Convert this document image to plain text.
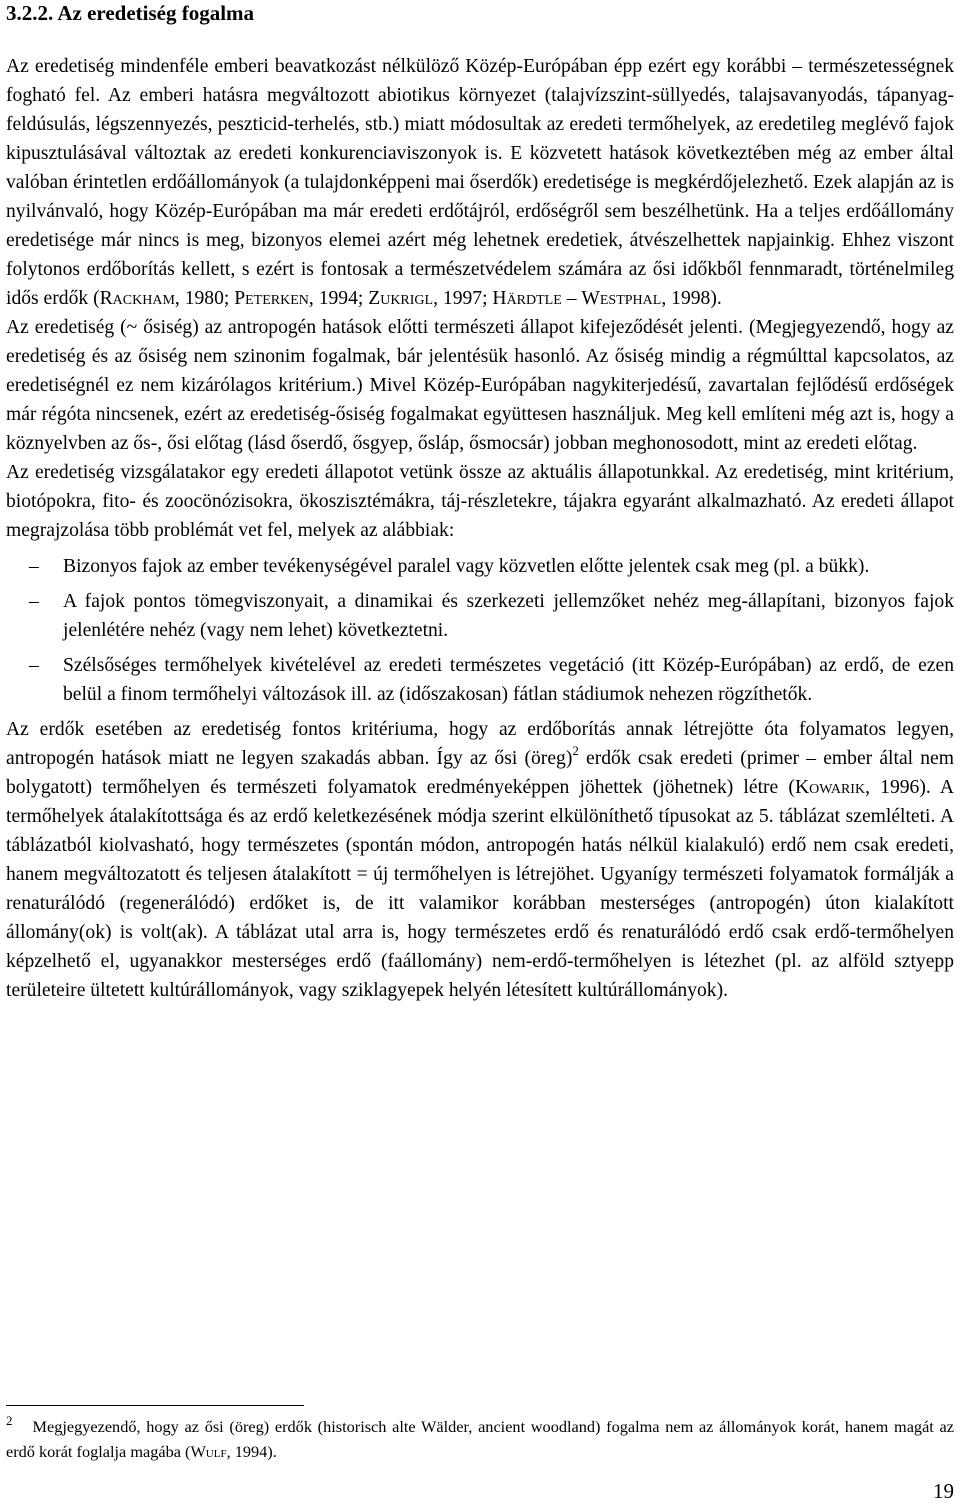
3.2.2. Az eredetiség fogalma

Az eredetiség mindenféle emberi beavatkozást nélkülöző Közép-Európában épp ezért egy korábbi – természetességnek fogható fel. Az emberi hatásra megváltozott abiotikus környezet (talajvízszint-süllyedés, talajsavanyodás, tápanyag-feldúsulás, légszennyezés, peszticid-terhelés, stb.) miatt módosultak az eredeti termőhelyek, az eredetileg meglévő fajok kipusztulásával változtak az eredeti konkurenciaviszonyok is. E közvetett hatások következtében még az ember által valóban érintetlen erdőállományok (a tulajdonképpeni mai őserdők) eredetisége is megkérdőjelezhető. Ezek alapján az is nyilvánvaló, hogy Közép-Európában ma már eredeti erdőtájról, erdőségről sem beszélhetünk. Ha a teljes erdőállomány eredetisége már nincs is meg, bizonyos elemei azért még lehetnek eredetiek, átvészelhettek napjainkig. Ehhez viszont folytonos erdőborítás kellett, s ezért is fontosak a természetvédelem számára az ősi időkből fennmaradt, történelmileg idős erdők (Rackham, 1980; Peterken, 1994; Zukrigl, 1997; Härdtle – Westphal, 1998).

Az eredetiség (~ ősiség) az antropogén hatások előtti természeti állapot kifejeződését jelenti. (Megjegyezendő, hogy az eredetiség és az ősiség nem szinonim fogalmak, bár jelentésük hasonló. Az ősiség mindig a régmúlttal kapcsolatos, az eredetiségnél ez nem kizárólagos kritérium.) Mivel Közép-Európában nagykiterjedésű, zavartalan fejlődésű erdőségek már régóta nincsenek, ezért az eredetiség-ősiség fogalmakat együttesen használjuk. Meg kell említeni még azt is, hogy a köznyelvben az ős-, ősi előtag (lásd őserdő, ősgyep, ősláp, ősmocsár) jobban meghonosodott, mint az eredeti előtag.

Az eredetiség vizsgálatakor egy eredeti állapotot vetünk össze az aktuális állapotunkkal. Az eredetiség, mint kritérium, biotópokra, fito- és zoocönózisokra, ökoszisztémákra, táj-részletekre, tájakra egyaránt alkalmazható. Az eredeti állapot megrajzolása több problémát vet fel, melyek az alábbiak:

– Bizonyos fajok az ember tevékenységével paralel vagy közvetlen előtte jelentek csak meg (pl. a bükk).
– A fajok pontos tömegviszonyait, a dinamikai és szerkezeti jellemzőket nehéz meg-állapítani, bizonyos fajok jelenlétére nehéz (vagy nem lehet) következtetni.
– Szélsőséges termőhelyek kivételével az eredeti természetes vegetáció (itt Közép-Európában) az erdő, de ezen belül a finom termőhelyi változások ill. az (időszakosan) fátlan stádiumok nehezen rögzíthetők.

Az erdők esetében az eredetiség fontos kritériuma, hogy az erdőborítás annak létrejötte óta folyamatos legyen, antropogén hatások miatt ne legyen szakadás abban. Így az ősi (öreg)$^2$ erdők csak eredeti (primer – ember által nem bolygatott) termőhelyen és természeti folyamatok eredményeképpen jöhettek (jöhetnek) létre (Kowarik, 1996). A termőhelyek átalakítottsága és az erdő keletkezésének módja szerint elkülöníthető típusokat az 5. táblázat szemlélteti. A táblázatból kiolvasható, hogy természetes (spontán módon, antropogén hatás nélkül kialakuló) erdő nem csak eredeti, hanem megváltozatott és teljesen átalakított = új termőhelyen is létrejöhet. Ugyanígy természeti folyamatok formálják a renaturálódó (regenerálódó) erdőket is, de itt valamikor korábban mesterséges (antropogén) úton kialakított állomány(ok) is volt(ak). A táblázat utal arra is, hogy természetes erdő és renaturálódó erdő csak erdő-termőhelyen képzelhető el, ugyanakkor mesterséges erdő (faállomány) nem-erdő-termőhelyen is létezhet (pl. az alföld sztyepp területeire ültetett kultúrállományok, vagy sziklagyepek helyén létesített kultúrállományok).

$^2$ Megjegyezendő, hogy az ősi (öreg) erdők (historisch alte Wälder, ancient woodland) fogalma nem az állományok korát, hanem magát az erdő korát foglalja magába (Wulf, 1994).
19
